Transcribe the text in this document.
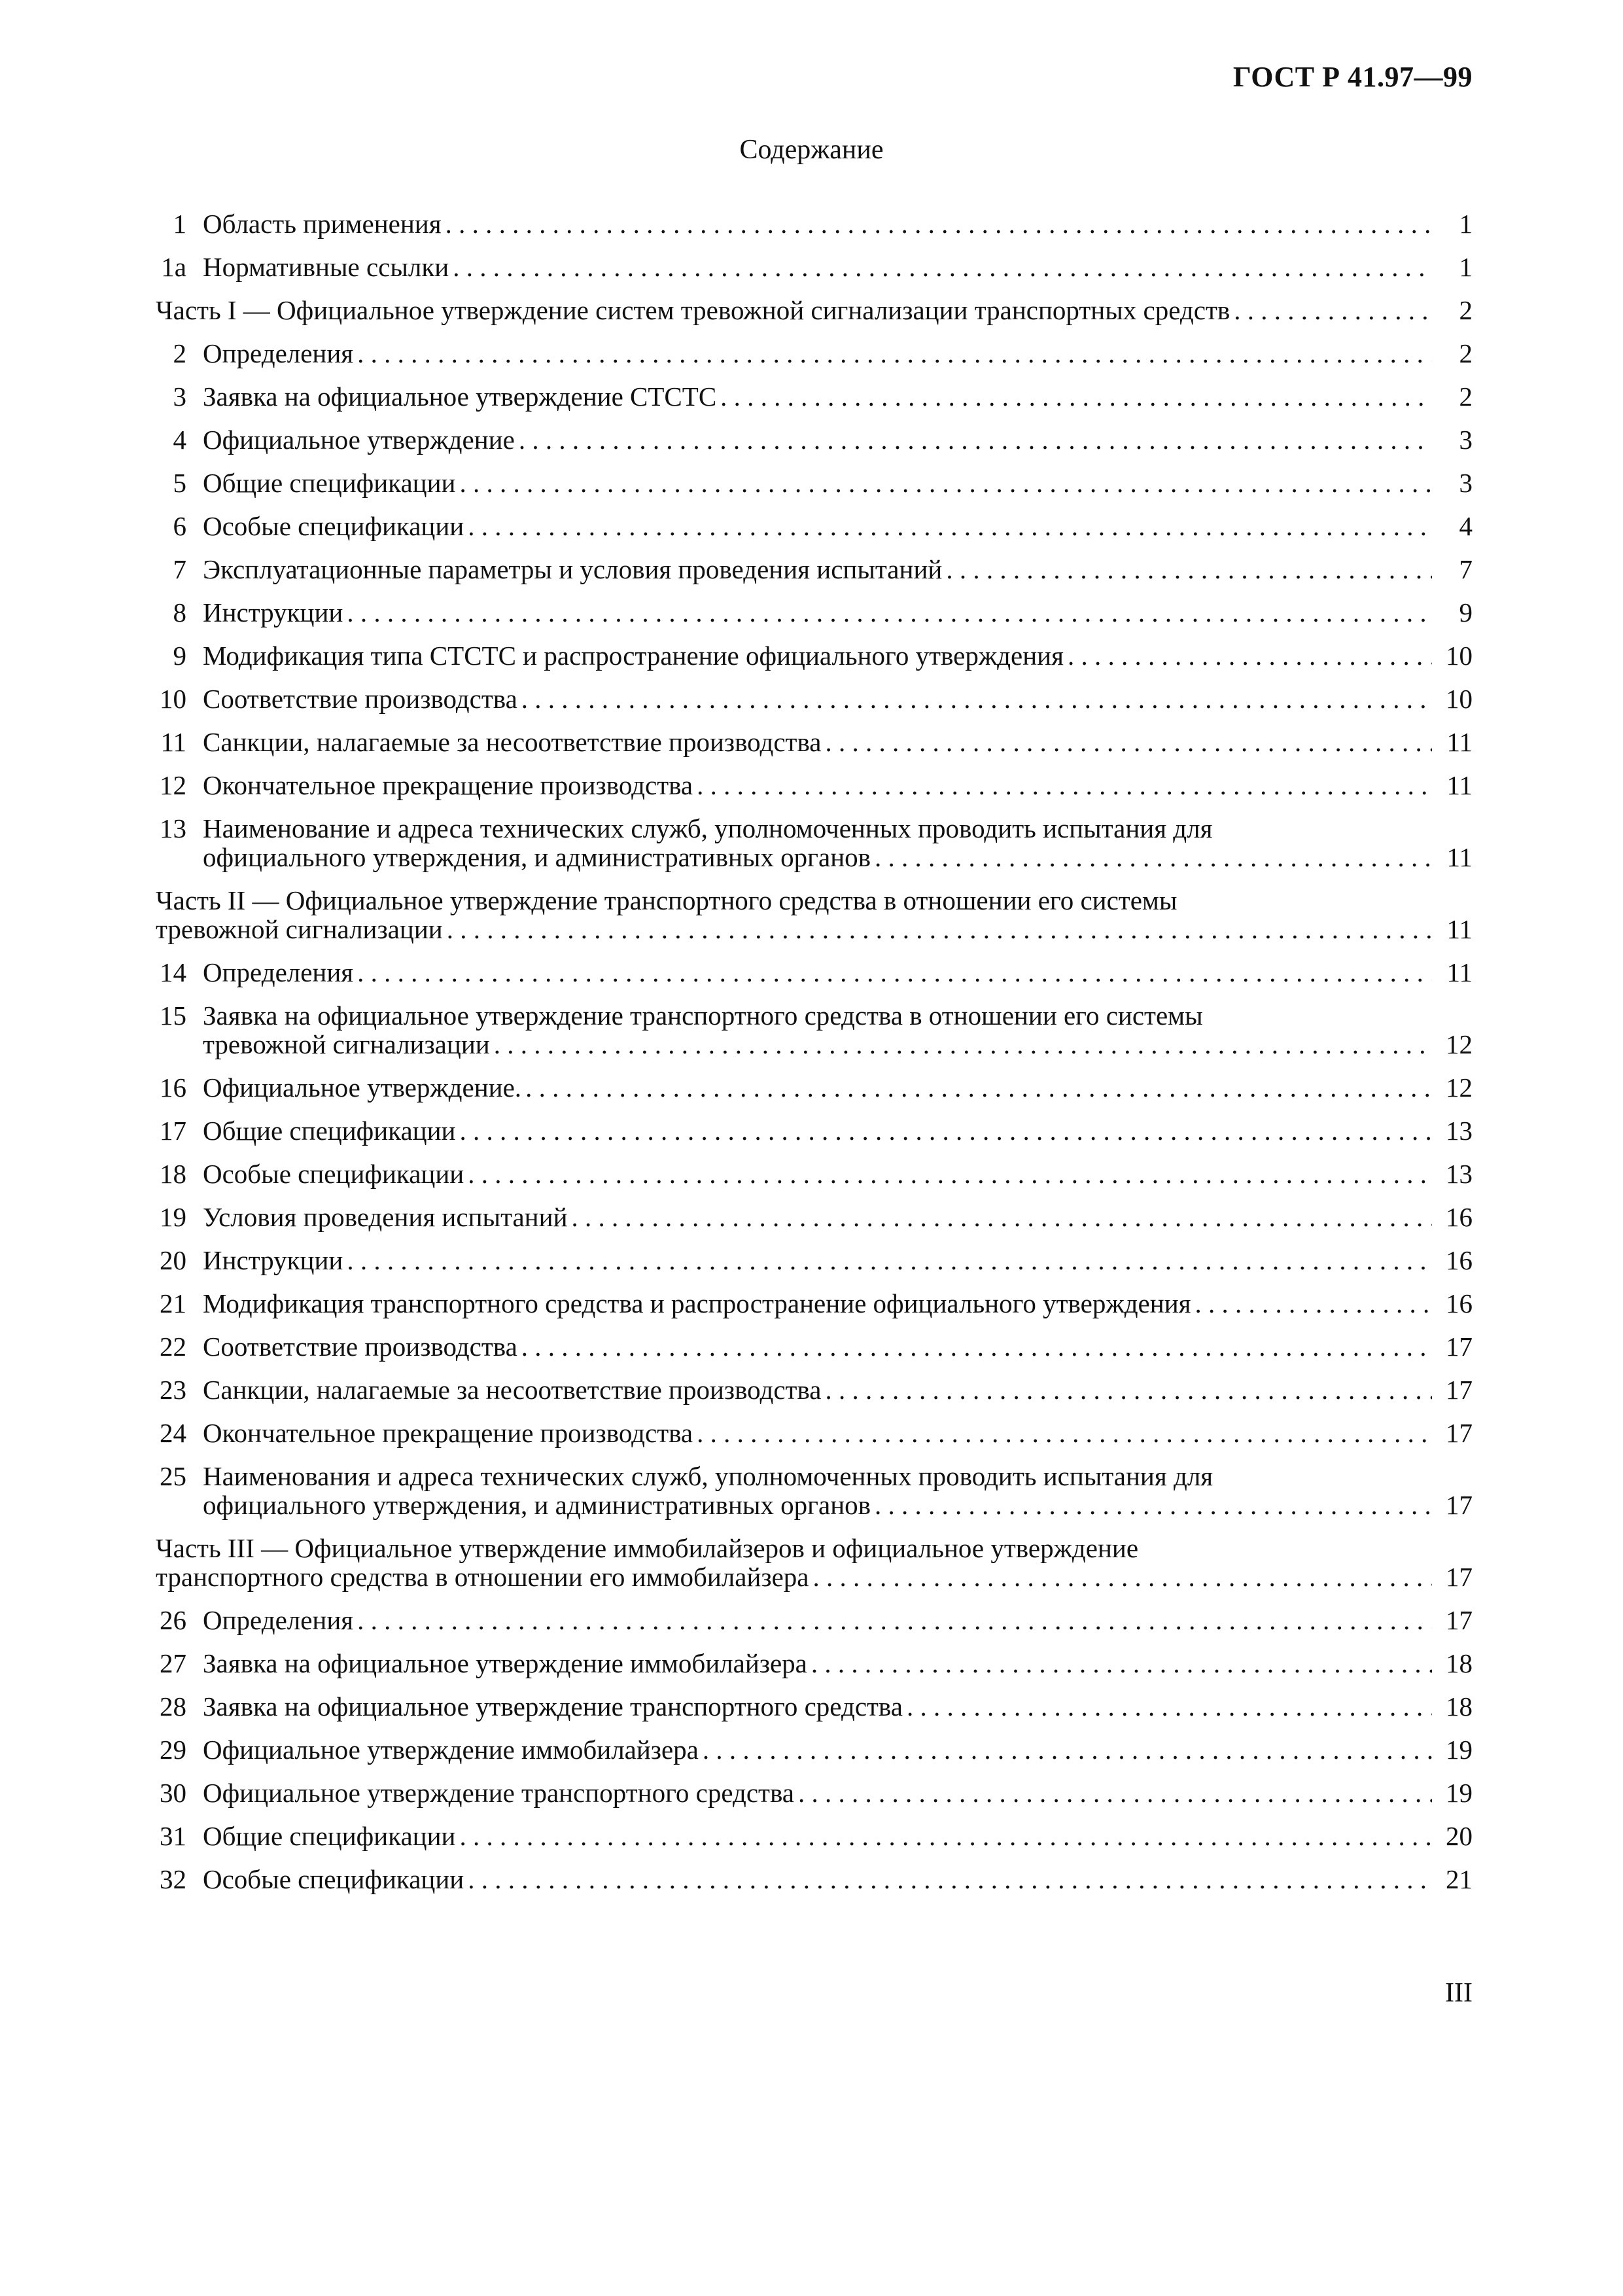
ГОСТ Р 41.97—99
Содержание
1 Область применения . . .	1
1а Нормативные ссылки . . .	1
Часть I — Официальное утверждение систем тревожной сигнализации транспортных средств . . .	2
2 Определения . . .	2
3 Заявка на официальное утверждение СТСТС . . .	2
4 Официальное утверждение . . .	3
5 Общие спецификации . . .	3
6 Особые спецификации . . .	4
7 Эксплуатационные параметры и условия проведения испытаний . . .	7
8 Инструкции . . .	9
9 Модификация типа СТСТС и распространение официального утверждения . . .	10
10 Соответствие производства . . .	10
11 Санкции, налагаемые за несоответствие производства . . .	11
12 Окончательное прекращение производства . . .	11
13 Наименование и адреса технических служб, уполномоченных проводить испытания для
официального утверждения, и административных органов . . .	11
Часть II — Официальное утверждение транспортного средства в отношении его системы
тревожной сигнализации . . .	11
14 Определения . . .	11
15 Заявка на официальное утверждение транспортного средства в отношении его системы
тревожной сигнализации . . .	12
16 Официальное утверждение. . . .	12
17 Общие спецификации . . .	13
18 Особые спецификации . . .	13
19 Условия проведения испытаний . . .	16
20 Инструкции . . .	16
21 Модификация транспортного средства и распространение официального утверждения . . .	16
22 Соответствие производства . . .	17
23 Санкции, налагаемые за несоответствие производства . . .	17
24 Окончательное прекращение производства . . .	17
25 Наименования и адреса технических служб, уполномоченных проводить испытания для
официального утверждения, и административных органов . . .	17
Часть III — Официальное утверждение иммобилайзеров и официальное утверждение
транспортного средства в отношении его иммобилайзера . . .	17
26 Определения . . .	17
27 Заявка на официальное утверждение иммобилайзера . . .	18
28 Заявка на официальное утверждение транспортного средства . . .	18
29 Официальное утверждение иммобилайзера . . .	19
30 Официальное утверждение транспортного средства . . .	19
31 Общие спецификации . . .	20
32 Особые спецификации . . .	21
III
